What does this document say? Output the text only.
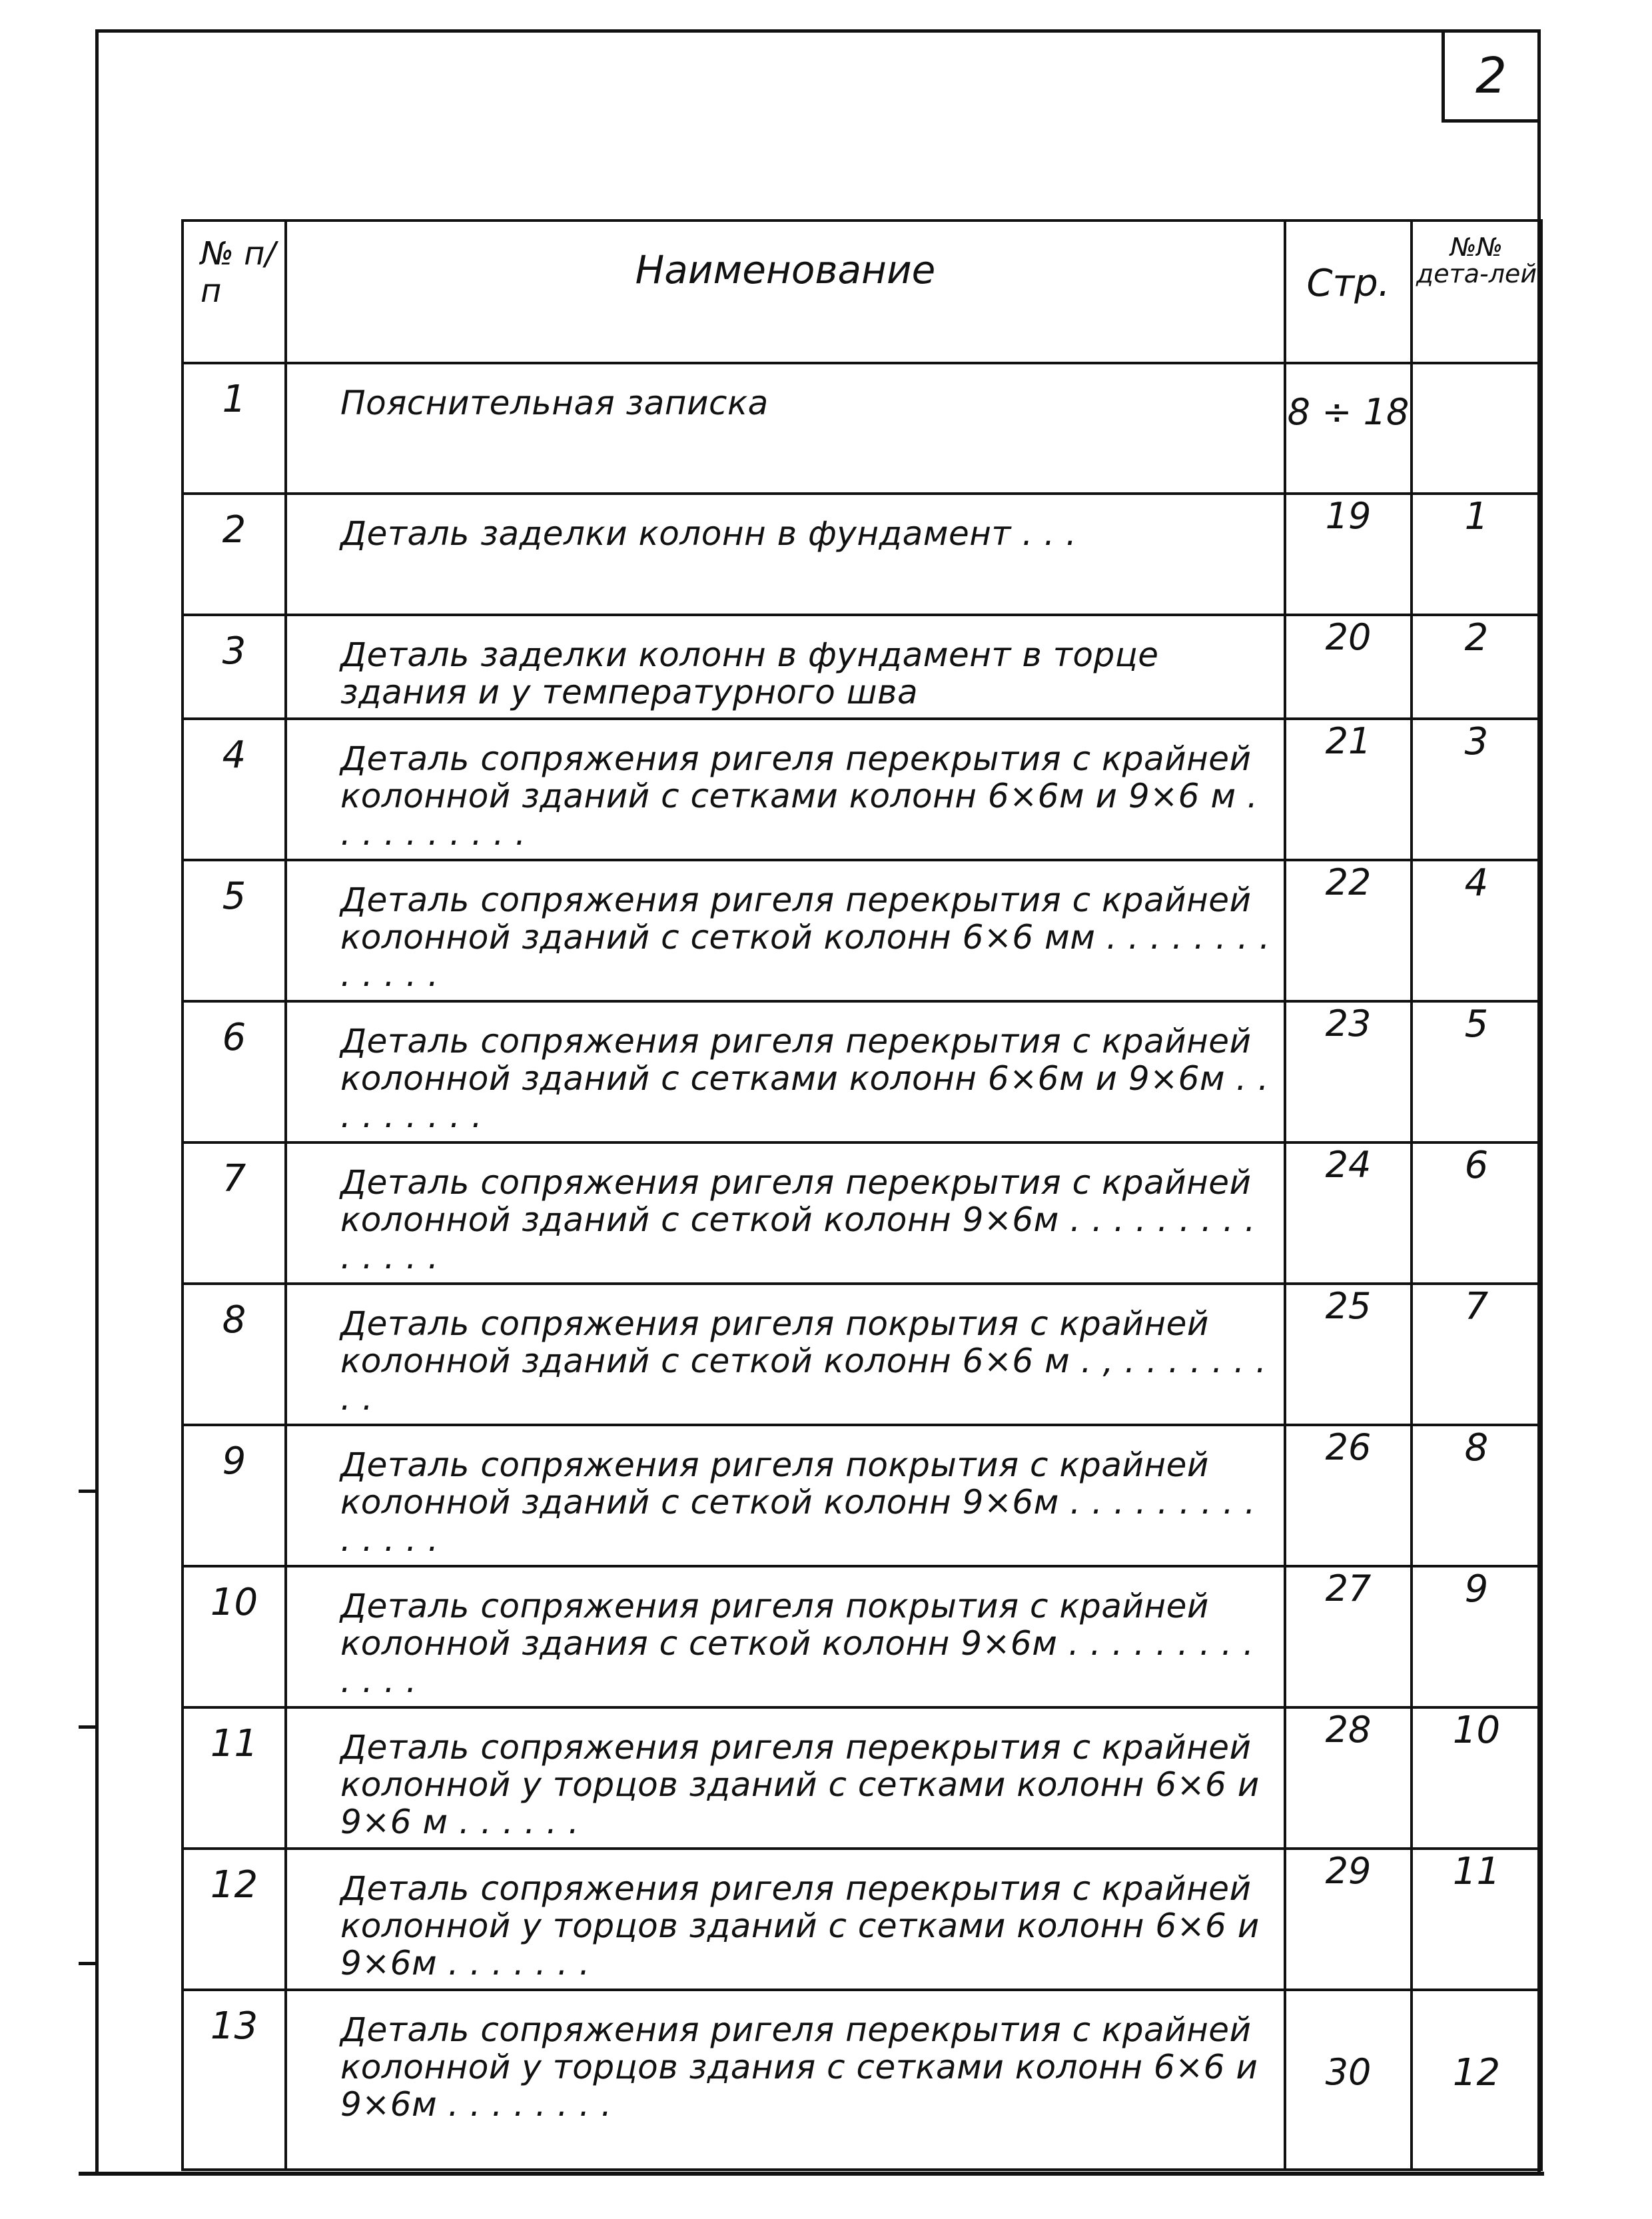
2
№ п/п	Наименование	Стр.	№№ дета-лей
1	Пояснительная записка	8 ÷ 18	
2	Деталь заделки колонн в фундамент . . .	19	1
3	Деталь заделки колонн в фундамент в торце здания и у температурного шва	20	2
4	Деталь сопряжения ригеля перекрытия с крайней колонной зданий с сетками колонн 6×6м и 9×6 м . . . . . . . . . .	21	3
5	Деталь сопряжения ригеля перекрытия с крайней колонной зданий с сеткой колонн 6×6 мм . . . . . . . . . . . . .	22	4
6	Деталь сопряжения ригеля перекрытия с крайней колонной зданий с сетками колонн 6×6м и 9×6м . . . . . . . . .	23	5
7	Деталь сопряжения ригеля перекрытия с крайней колонной зданий с сеткой колонн 9×6м . . . . . . . . . . . . . .	24	6
8	Деталь сопряжения ригеля покрытия с крайней колонной зданий с сеткой колонн 6×6 м . , . . . . . . . . .	25	7
9	Деталь сопряжения ригеля покрытия с крайней колонной зданий с сеткой колонн 9×6м . . . . . . . . . . . . . .	26	8
10	Деталь сопряжения ригеля покрытия с крайней колонной здания с сеткой колонн 9×6м . . . . . . . . . . . . .	27	9
11	Деталь сопряжения ригеля перекрытия с крайней колонной у торцов зданий с сетками колонн 6×6 и 9×6 м . . . . . .	28	10
12	Деталь сопряжения ригеля перекрытия с крайней колонной у торцов зданий с сетками колонн 6×6 и 9×6м . . . . . . .	29	11
13	Деталь сопряжения ригеля перекрытия с крайней колонной у торцов здания с сетками колонн 6×6 и 9×6м . . . . . . . .	30	12
